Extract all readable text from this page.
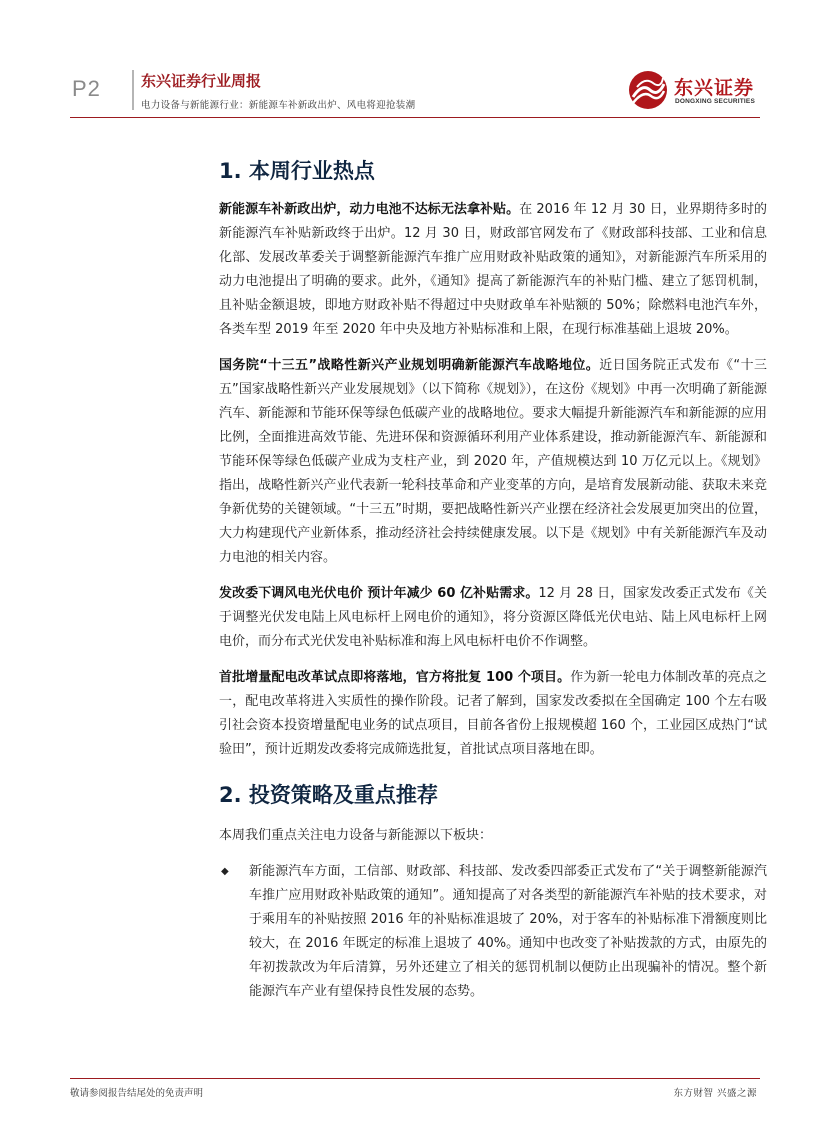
P2	东兴证券行业周报
电力设备与新能源行业：新能源车补新政出炉、风电将迎抢装潮
东兴证券
DONGXING SECURITIES
1. 本周行业热点

新能源车补新政出炉，动力电池不达标无法拿补贴。在 2016 年 12 月 30 日，业界期待多时的新能源汽车补贴新政终于出炉。12 月 30 日，财政部官网发布了《财政部科技部、工业和信息化部、发展改革委关于调整新能源汽车推广应用财政补贴政策的通知》，对新能源汽车所采用的动力电池提出了明确的要求。此外，《通知》提高了新能源汽车的补贴门槛、建立了惩罚机制，且补贴金额退坡，即地方财政补贴不得超过中央财政单车补贴额的 50%；除燃料电池汽车外，各类车型 2019 年至 2020 年中央及地方补贴标准和上限，在现行标准基础上退坡 20%。

国务院“十三五”战略性新兴产业规划明确新能源汽车战略地位。近日国务院正式发布《“十三五”国家战略性新兴产业发展规划》（以下简称《规划》），在这份《规划》中再一次明确了新能源汽车、新能源和节能环保等绿色低碳产业的战略地位。要求大幅提升新能源汽车和新能源的应用比例，全面推进高效节能、先进环保和资源循环利用产业体系建设，推动新能源汽车、新能源和节能环保等绿色低碳产业成为支柱产业，到 2020 年，产值规模达到 10 万亿元以上。《规划》指出，战略性新兴产业代表新一轮科技革命和产业变革的方向，是培育发展新动能、获取未来竞争新优势的关键领域。“十三五”时期，要把战略性新兴产业摆在经济社会发展更加突出的位置，大力构建现代产业新体系，推动经济社会持续健康发展。以下是《规划》中有关新能源汽车及动力电池的相关内容。

发改委下调风电光伏电价 预计年减少 60 亿补贴需求。12 月 28 日，国家发改委正式发布《关于调整光伏发电陆上风电标杆上网电价的通知》，将分资源区降低光伏电站、陆上风电标杆上网电价，而分布式光伏发电补贴标准和海上风电标杆电价不作调整。

首批增量配电改革试点即将落地，官方将批复 100 个项目。作为新一轮电力体制改革的亮点之一，配电改革将进入实质性的操作阶段。记者了解到，国家发改委拟在全国确定 100 个左右吸引社会资本投资增量配电业务的试点项目，目前各省份上报规模超 160 个，工业园区成热门“试验田”，预计近期发改委将完成筛选批复，首批试点项目落地在即。

2. 投资策略及重点推荐

本周我们重点关注电力设备与新能源以下板块：

◆ 新能源汽车方面，工信部、财政部、科技部、发改委四部委正式发布了“关于调整新能源汽车推广应用财政补贴政策的通知”。通知提高了对各类型的新能源汽车补贴的技术要求，对于乘用车的补贴按照 2016 年的补贴标准退坡了 20%，对于客车的补贴标准下滑额度则比较大，在 2016 年既定的标准上退坡了 40%。通知中也改变了补贴拨款的方式，由原先的年初拨款改为年后清算，另外还建立了相关的惩罚机制以便防止出现骗补的情况。整个新能源汽车产业有望保持良性发展的态势。
敬请参阅报告结尾处的免责声明	东方财智 兴盛之源
